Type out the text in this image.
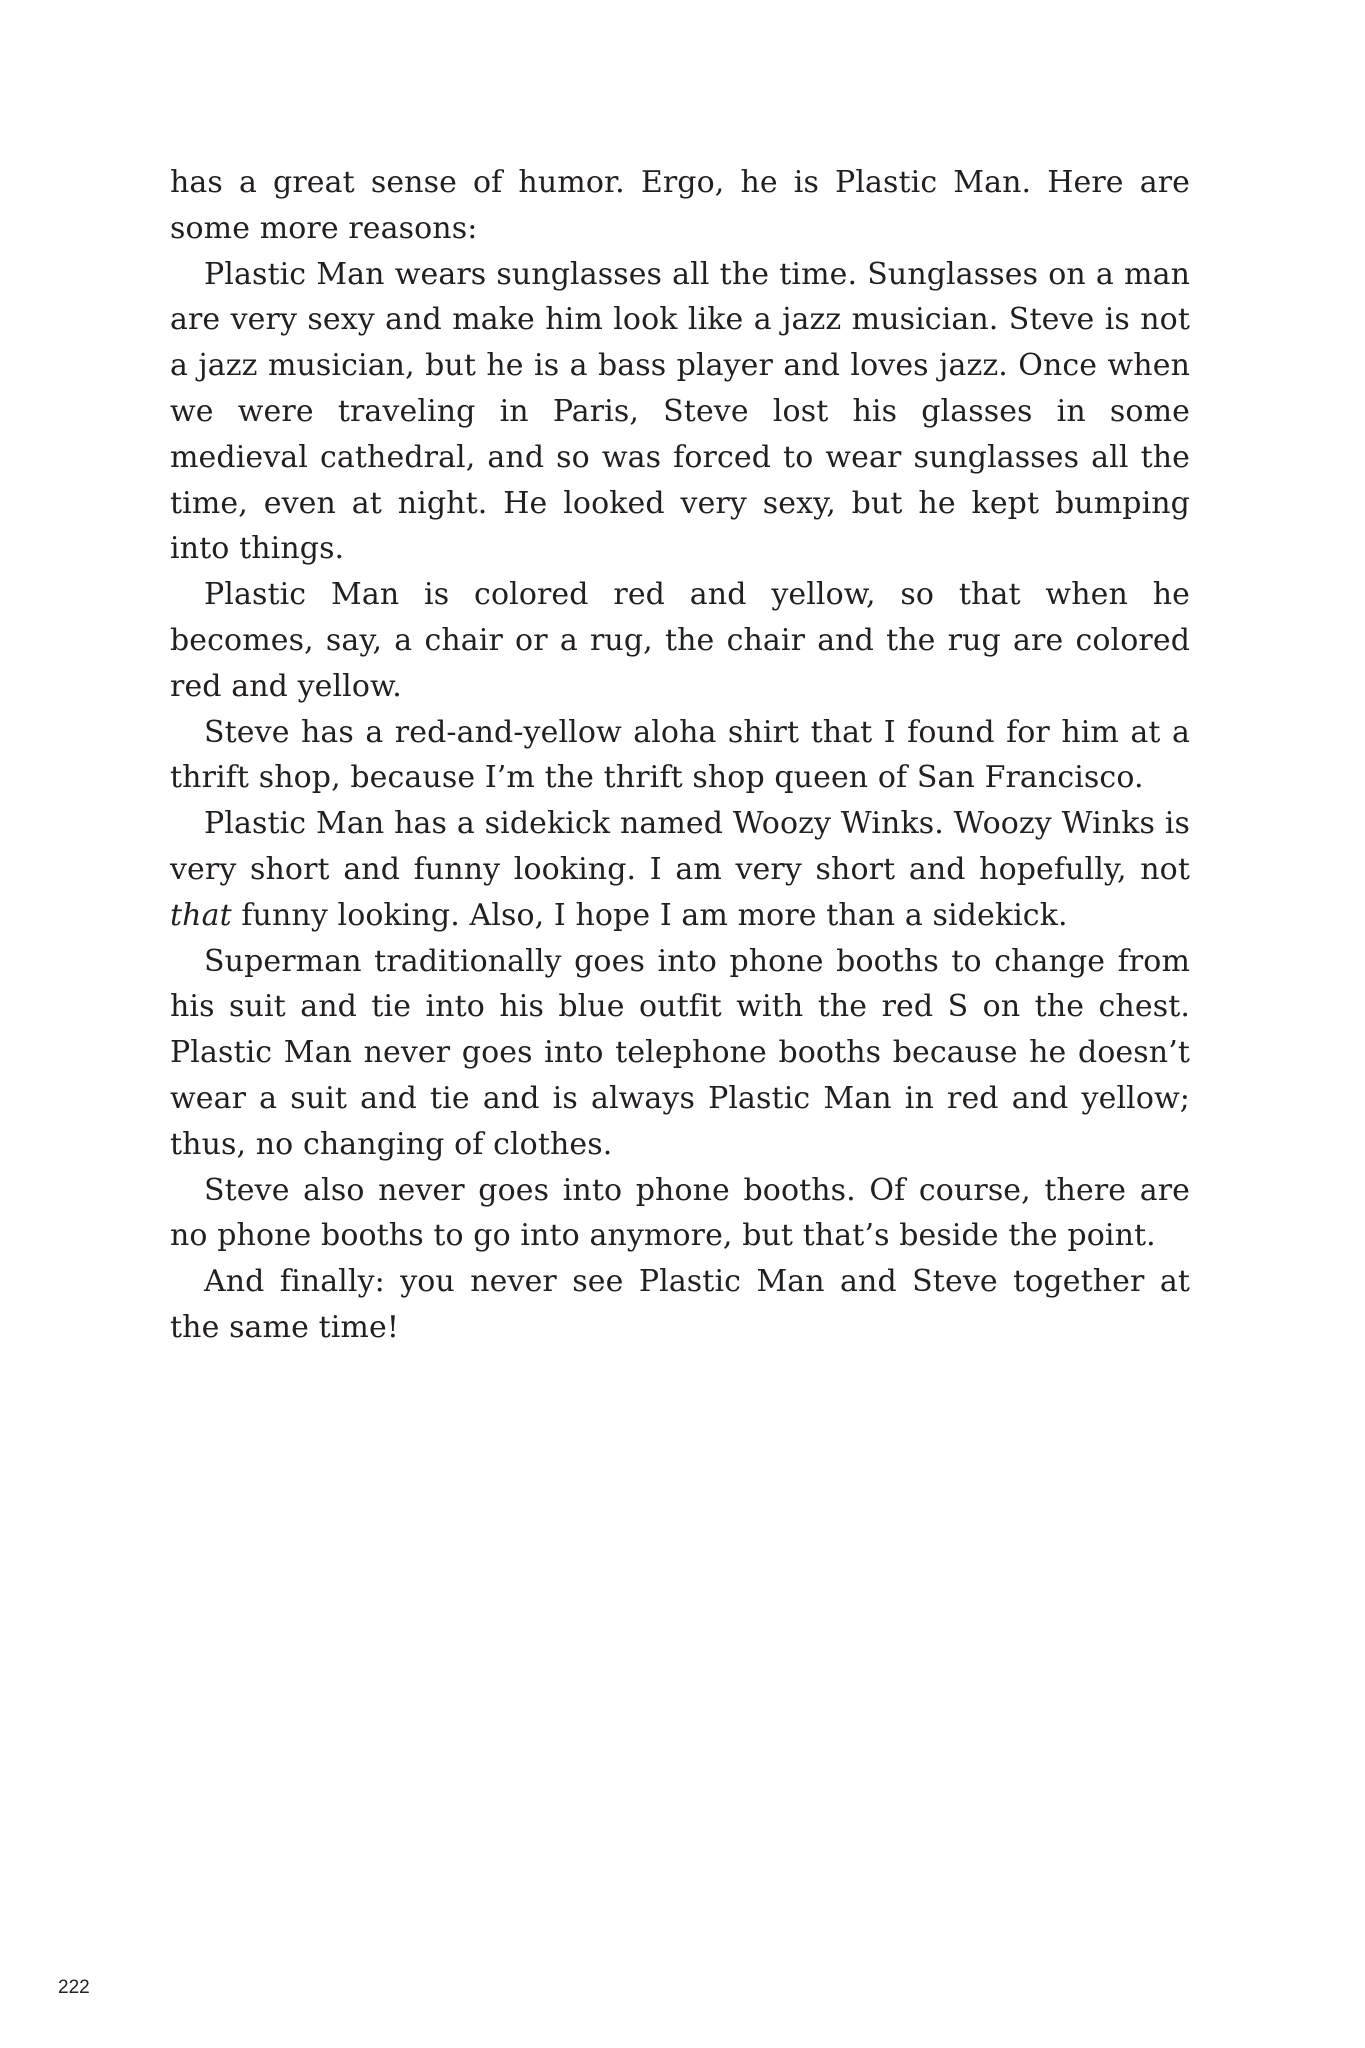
has a great sense of humor. Ergo, he is Plastic Man. Here are some more reasons:

Plastic Man wears sunglasses all the time. Sunglasses on a man are very sexy and make him look like a jazz musician. Steve is not a jazz musician, but he is a bass player and loves jazz. Once when we were traveling in Paris, Steve lost his glasses in some medieval cathedral, and so was forced to wear sunglasses all the time, even at night. He looked very sexy, but he kept bumping into things.

Plastic Man is colored red and yellow, so that when he becomes, say, a chair or a rug, the chair and the rug are colored red and yellow.

Steve has a red-and-yellow aloha shirt that I found for him at a thrift shop, because I’m the thrift shop queen of San Francisco.

Plastic Man has a sidekick named Woozy Winks. Woozy Winks is very short and funny looking. I am very short and hopefully, not that funny looking. Also, I hope I am more than a sidekick.

Superman traditionally goes into phone booths to change from his suit and tie into his blue outfit with the red S on the chest. Plastic Man never goes into telephone booths because he doesn’t wear a suit and tie and is always Plastic Man in red and yellow; thus, no changing of clothes.

Steve also never goes into phone booths. Of course, there are no phone booths to go into anymore, but that’s beside the point.

And finally: you never see Plastic Man and Steve together at the same time!

222
